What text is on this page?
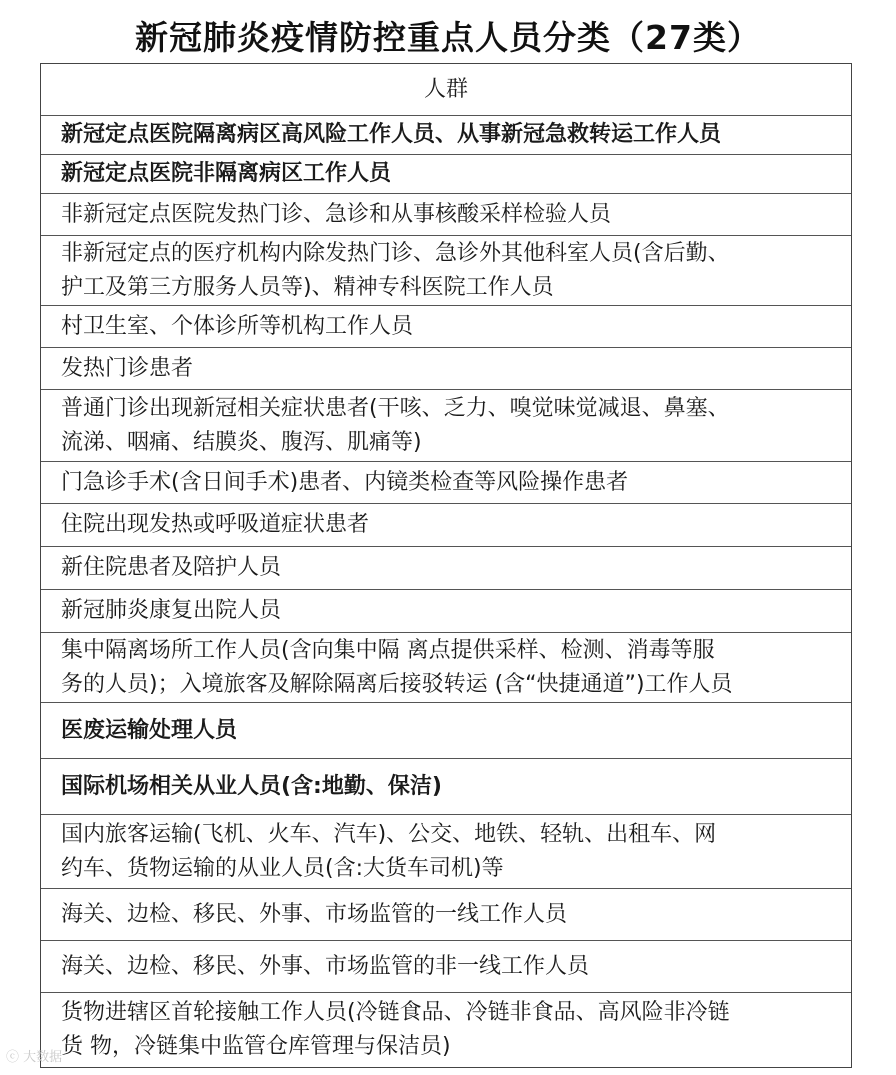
新冠肺炎疫情防控重点人员分类（27类）
人群
新冠定点医院隔离病区高风险工作人员、从事新冠急救转运工作人员
新冠定点医院非隔离病区工作人员
非新冠定点医院发热门诊、急诊和从事核酸采样检验人员
非新冠定点的医疗机构内除发热门诊、急诊外其他科室人员(含后勤、
护工及第三方服务人员等)、精神专科医院工作人员
村卫生室、个体诊所等机构工作人员
发热门诊患者
普通门诊出现新冠相关症状患者(干咳、乏力、嗅觉味觉减退、鼻塞、
流涕、咽痛、结膜炎、腹泻、肌痛等)
门急诊手术(含日间手术)患者、内镜类检查等风险操作患者
住院出现发热或呼吸道症状患者
新住院患者及陪护人员
新冠肺炎康复出院人员
集中隔离场所工作人员(含向集中隔 离点提供采样、检测、消毒等服
务的人员)；入境旅客及解除隔离后接驳转运 (含“快捷通道”)工作人员
医废运输处理人员
国际机场相关从业人员(含:地勤、保洁)
国内旅客运输(飞机、火车、汽车)、公交、地铁、轻轨、出租车、网
约车、货物运输的从业人员(含:大货车司机)等
海关、边检、移民、外事、市场监管的一线工作人员
海关、边检、移民、外事、市场监管的非一线工作人员
货物进辖区首轮接触工作人员(冷链食品、冷链非食品、高风险非冷链
货 物，冷链集中监管仓库管理与保洁员)
ⓒ 大数据
